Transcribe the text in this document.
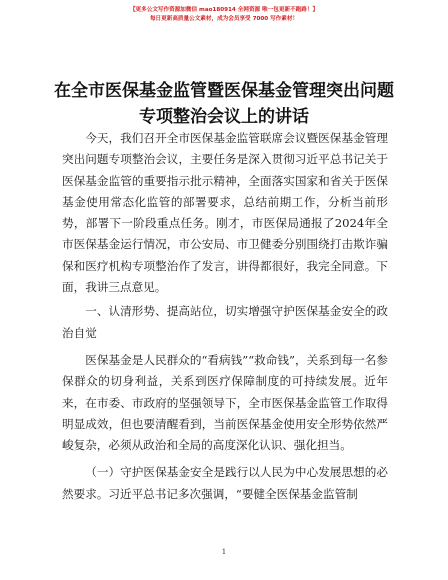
【更多公文写作资源加微信 mao180914 全网资源 唯一包更新不跑路！】
每日更新高质量公文素材，成为会员享受 7000 写作素材！
在全市医保基金监管暨医保基金管理突出问题专项整治会议上的讲话

今天，我们召开全市医保基金监管联席会议暨医保基金管理突出问题专项整治会议，主要任务是深入贯彻习近平总书记关于医保基金监管的重要指示批示精神，全面落实国家和省关于医保基金使用常态化监管的部署要求，总结前期工作，分析当前形势，部署下一阶段重点任务。刚才，市医保局通报了2024年全市医保基金运行情况，市公安局、市卫健委分别围绕打击欺诈骗保和医疗机构专项整治作了发言，讲得都很好，我完全同意。下面，我讲三点意见。

一、认清形势、提高站位，切实增强守护医保基金安全的政治自觉

医保基金是人民群众的“看病钱”“救命钱”，关系到每一名参保群众的切身利益，关系到医疗保障制度的可持续发展。近年来，在市委、市政府的坚强领导下，全市医保基金监管工作取得明显成效，但也要清醒看到，当前医保基金使用安全形势依然严峻复杂，必须从政治和全局的高度深化认识、强化担当。

（一）守护医保基金安全是践行以人民为中心发展思想的必然要求。习近平总书记多次强调，“要健全医保基金监管制

1
